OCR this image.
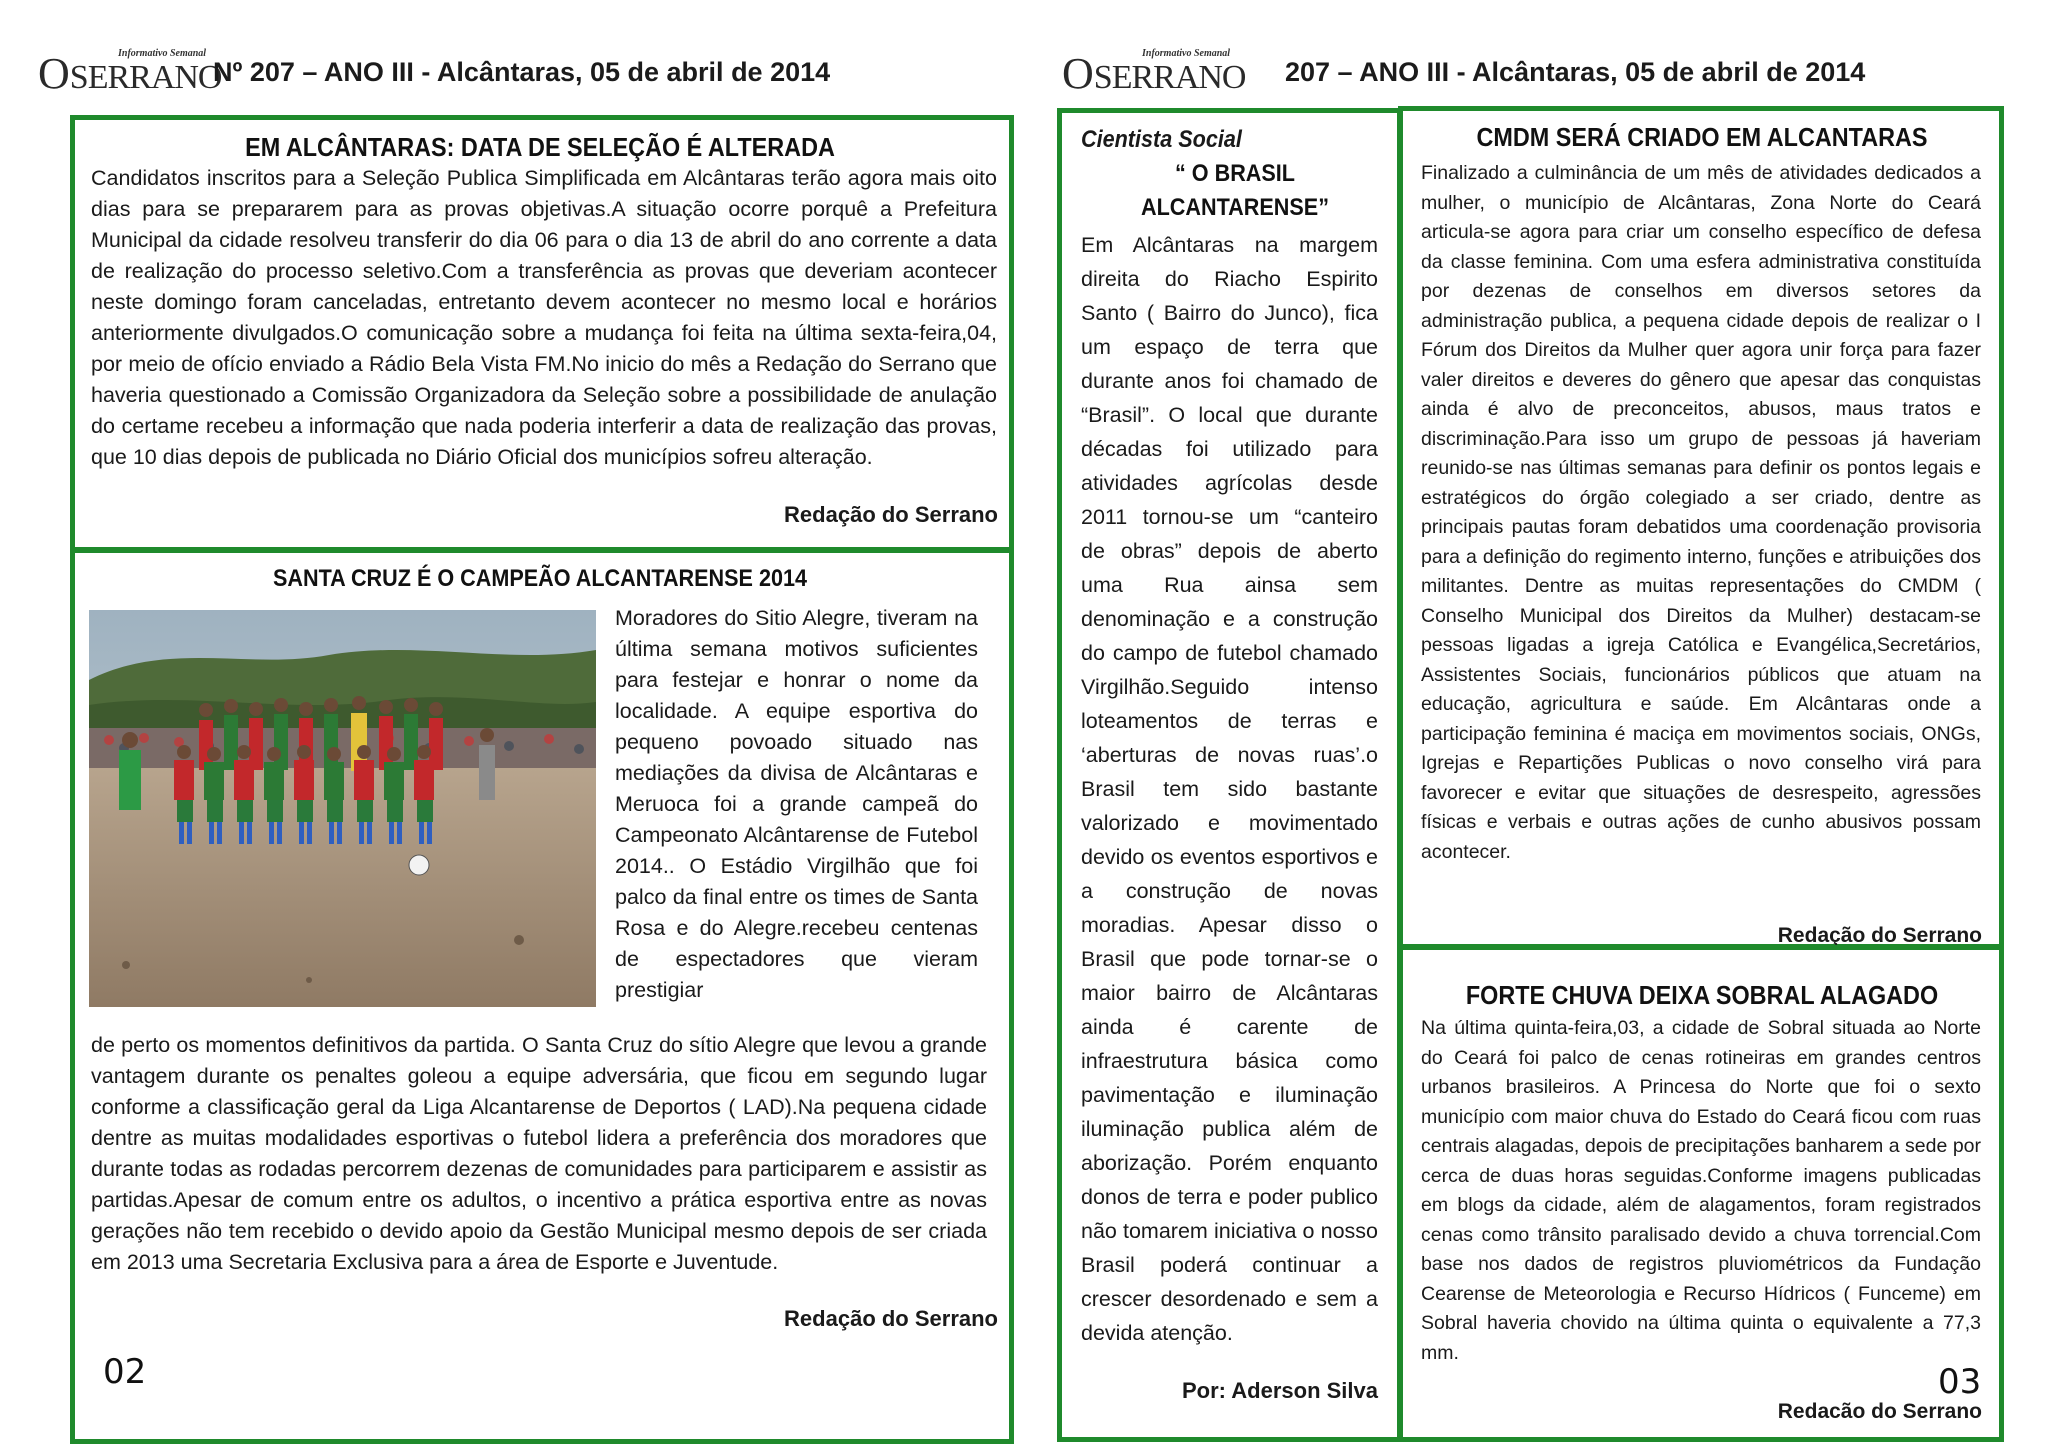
OSERRANO
Informativo Semanal
Nº 207 – ANO III - Alcântaras, 05 de abril de 2014
EM ALCÂNTARAS: DATA DE SELEÇÃO É ALTERADA

Candidatos inscritos para a Seleção Publica Simplificada em Alcântaras terão agora mais oito dias para se prepararem para as provas objetivas.A situação ocorre porquê a Prefeitura Municipal da cidade resolveu transferir do dia 06 para o dia 13 de abril do ano corrente a data de realização do processo seletivo.Com a transferência as provas que deveriam acontecer neste domingo foram canceladas, entretanto devem acontecer no mesmo local e horários anteriormente divulgados.O comunicação sobre a mudança foi feita na última sexta-feira,04, por meio de ofício enviado a Rádio Bela Vista FM.No inicio do mês a Redação do Serrano que haveria questionado a Comissão Organizadora da Seleção sobre a possibilidade de anulação do certame recebeu a informação que nada poderia interferir a data de realização das provas, que 10 dias depois de publicada no Diário Oficial dos municípios sofreu alteração.

Redação do Serrano
SANTA CRUZ É O CAMPEÃO ALCANTARENSE 2014

Moradores do Sitio Alegre, tiveram na última semana motivos suficientes para festejar e honrar o nome da localidade. A equipe esportiva do pequeno povoado situado nas mediações da divisa de Alcântaras e Meruoca foi a grande campeã do Campeonato Alcântarense de Futebol 2014.. O Estádio Virgilhão que foi palco da final entre os times de Santa Rosa e do Alegre.recebeu centenas de espectadores que vieram prestigiar

de perto os momentos definitivos da partida. O Santa Cruz do sítio Alegre que levou a grande vantagem durante os penaltes goleou a equipe adversária, que ficou em segundo lugar conforme a classificação geral da Liga Alcantarense de Deportos ( LAD).Na pequena cidade dentre as muitas modalidades esportivas o futebol lidera a preferência dos moradores que durante todas as rodadas percorrem dezenas de comunidades para participarem e assistir as partidas.Apesar de comum entre os adultos, o incentivo a prática esportiva entre as novas gerações não tem recebido o devido apoio da Gestão Municipal mesmo depois de ser criada em 2013 uma Secretaria Exclusiva para a área de Esporte e Juventude.

Redação do Serrano
02
OSERRANO
Informativo Semanal
207 – ANO III - Alcântaras, 05 de abril de 2014
Cientista Social
“ O BRASIL ALCANTARENSE”

Em Alcântaras na margem direita do Riacho Espirito Santo ( Bairro do Junco), fica um espaço de terra que durante anos foi chamado de “Brasil”. O local que durante décadas foi utilizado para atividades agrícolas desde 2011 tornou-se um “canteiro de obras” depois de aberto uma Rua ainsa sem denominação e a construção do campo de futebol chamado Virgilhão.Seguido intenso loteamentos de terras e ‘aberturas de novas ruas’.o Brasil tem sido bastante valorizado e movimentado devido os eventos esportivos e a construção de novas moradias. Apesar disso o Brasil que pode tornar-se o maior bairro de Alcântaras ainda é carente de infraestrutura básica como pavimentação e iluminação iluminação publica além de aborização. Porém enquanto donos de terra e poder publico não tomarem iniciativa o nosso Brasil poderá continuar a crescer desordenado e sem a devida atenção.

Por: Aderson Silva
CMDM SERÁ CRIADO EM ALCANTARAS

Finalizado a culminância de um mês de atividades dedicados a mulher, o município de Alcântaras, Zona Norte do Ceará articula-se agora para criar um conselho específico de defesa da classe feminina. Com uma esfera administrativa constituída por dezenas de conselhos em diversos setores da administração publica, a pequena cidade depois de realizar o I Fórum dos Direitos da Mulher quer agora unir força para fazer valer direitos e deveres do gênero que apesar das conquistas ainda é alvo de preconceitos, abusos, maus tratos e discriminação.Para isso um grupo de pessoas já haveriam reunido-se nas últimas semanas para definir os pontos legais e estratégicos do órgão colegiado a ser criado, dentre as principais pautas foram debatidos uma coordenação provisoria para a definição do regimento interno, funções e atribuições dos militantes. Dentre as muitas representações do CMDM ( Conselho Municipal dos Direitos da Mulher) destacam-se pessoas ligadas a igreja Católica e Evangélica,Secretários, Assistentes Sociais, funcionários públicos que atuam na educação, agricultura e saúde. Em Alcântaras onde a participação feminina é maciça em movimentos sociais, ONGs, Igrejas e Repartições Publicas o novo conselho virá para favorecer e evitar que situações de desrespeito, agressões físicas e verbais e outras ações de cunho abusivos possam acontecer.

Redação do Serrano
FORTE CHUVA DEIXA SOBRAL ALAGADO

Na última quinta-feira,03, a cidade de Sobral situada ao Norte do Ceará foi palco de cenas rotineiras em grandes centros urbanos brasileiros. A Princesa do Norte que foi o sexto município com maior chuva do Estado do Ceará ficou com ruas centrais alagadas, depois de precipitações banharem a sede por cerca de duas horas seguidas.Conforme imagens publicadas em blogs da cidade, além de alagamentos, foram registrados cenas como trânsito paralisado devido a chuva torrencial.Com base nos dados de registros pluviométricos da Fundação Cearense de Meteorologia e Recurso Hídricos ( Funceme) em Sobral haveria chovido na última quinta o equivalente a 77,3 mm.

03
Redacão do Serrano
